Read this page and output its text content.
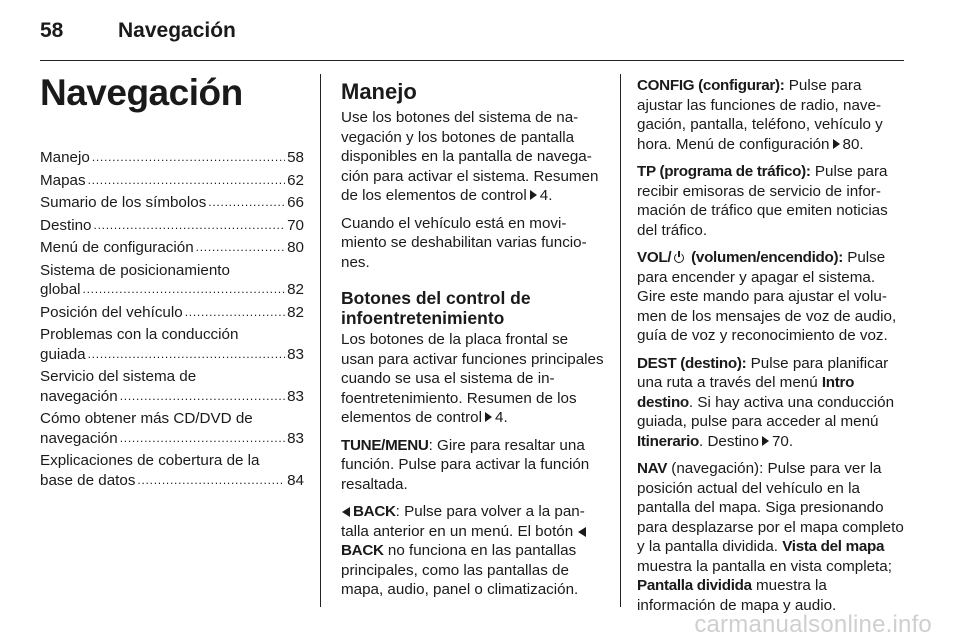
58	Navegación
Navegación
Manejo . . .	58
Mapas . . .	62
Sumario de los símbolos . . .	66
Destino . . .	70
Menú de configuración . . .	80
Sistema de posicionamiento
global . . .	82
Posición del vehículo . . .	82
Problemas con la conducción
guiada . . .	83
Servicio del sistema de
navegación . . .	83
Cómo obtener más CD/DVD de
navegación . . .	83
Explicaciones de cobertura de la
base de datos . . .	84
Manejo

Use los botones del sistema de navegación y los botones de pantalla disponibles en la pantalla de navegación para activar el sistema. Resumen de los elementos de control 4.

Cuando el vehículo está en movimiento se deshabilitan varias funciones.

Botones del control de infoentretenimiento

Los botones de la placa frontal se usan para activar funciones principales cuando se usa el sistema de infoentretenimiento. Resumen de los elementos de control 4.

TUNE/MENU: Gire para resaltar una función. Pulse para activar la función resaltada.

BACK: Pulse para volver a la pantalla anterior en un menú. El botón BACK no funciona en las pantallas principales, como las pantallas de mapa, audio, panel o climatización.

CONFIG (configurar): Pulse para ajustar las funciones de radio, navegación, pantalla, teléfono, vehículo y hora. Menú de configuración 80.

TP (programa de tráfico): Pulse para recibir emisoras de servicio de información de tráfico que emiten noticias del tráfico.

VOL/ (volumen/encendido): Pulse para encender y apagar el sistema. Gire este mando para ajustar el volumen de los mensajes de voz de audio, guía de voz y reconocimiento de voz.

DEST (destino): Pulse para planificar una ruta a través del menú Intro destino. Si hay activa una conducción guiada, pulse para acceder al menú Itinerario. Destino 70.

NAV (navegación): Pulse para ver la posición actual del vehículo en la pantalla del mapa. Siga presionando para desplazarse por el mapa completo y la pantalla dividida. Vista del mapa muestra la pantalla en vista completa; Pantalla dividida muestra la información de mapa y audio.

carmanualsonline.info
